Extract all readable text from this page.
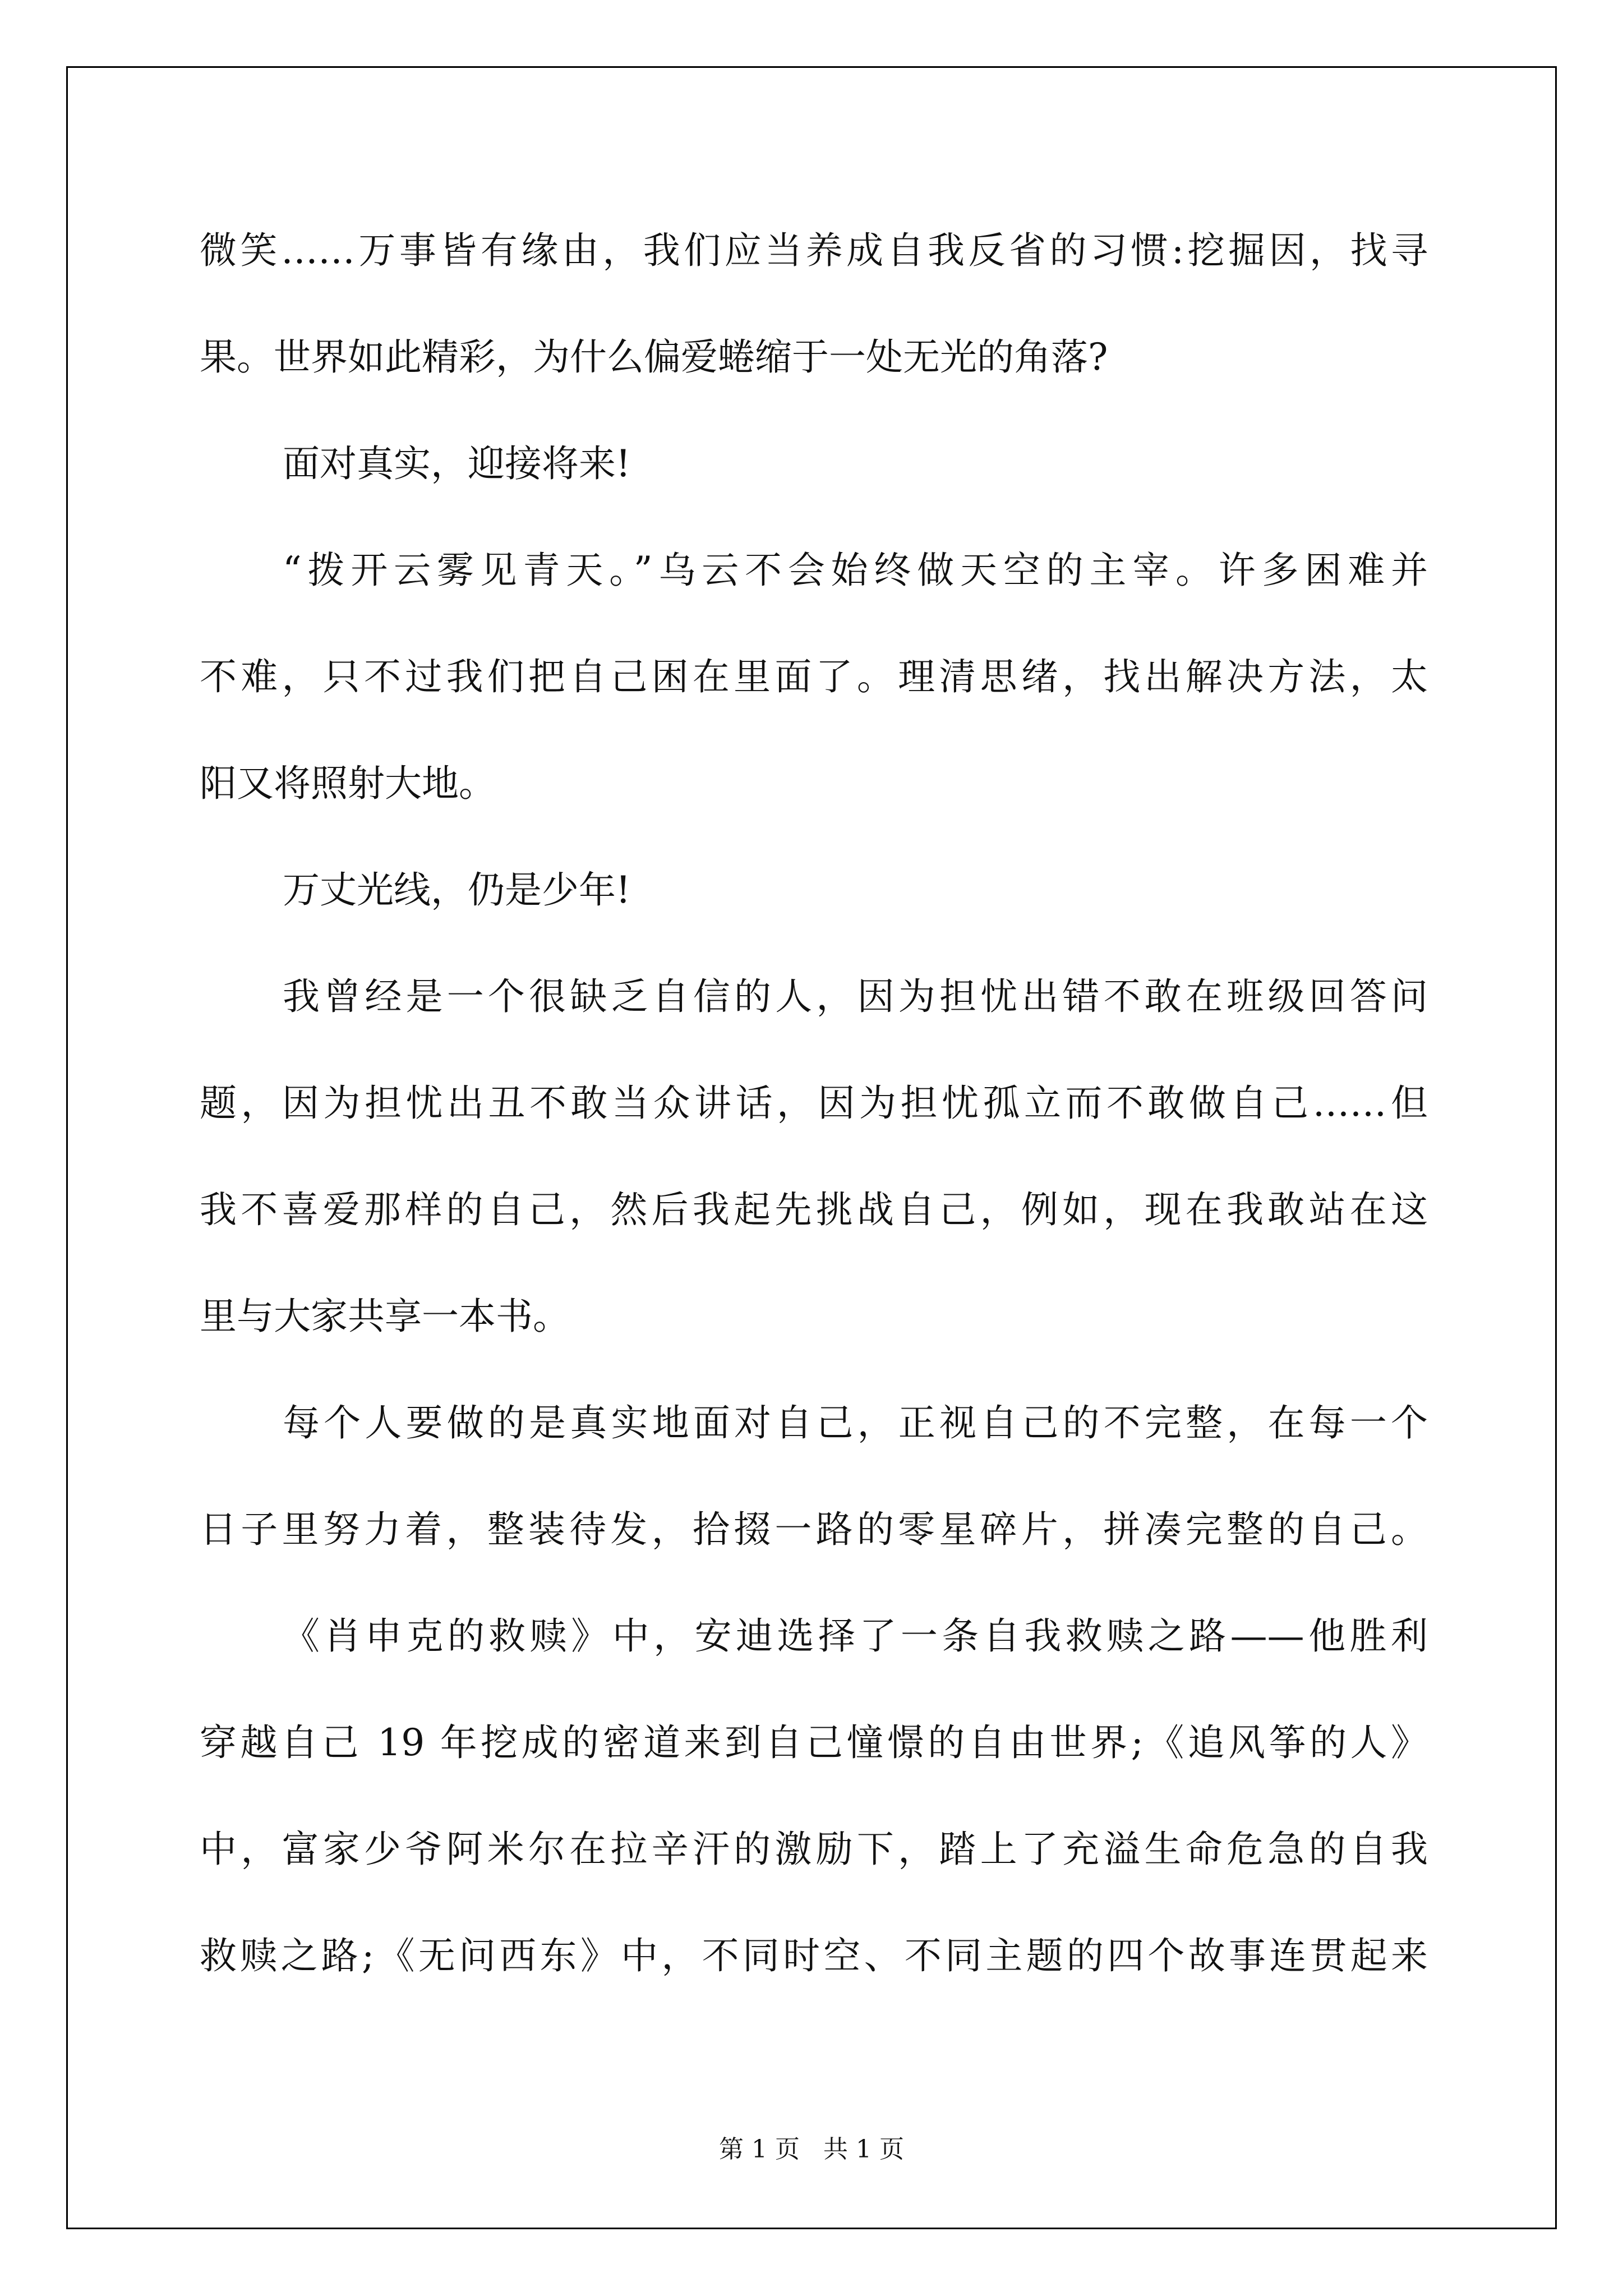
微笑……万事皆有缘由，我们应当养成自我反省的习惯:挖掘因，找寻
果。世界如此精彩，为什么偏爱蜷缩于一处无光的角落?
面对真实，迎接将来!
“拨开云雾见青天。”乌云不会始终做天空的主宰。许多困难并
不难，只不过我们把自己困在里面了。理清思绪，找出解决方法，太
阳又将照射大地。
万丈光线，仍是少年!
我曾经是一个很缺乏自信的人，因为担忧出错不敢在班级回答问
题，因为担忧出丑不敢当众讲话，因为担忧孤立而不敢做自己……但
我不喜爱那样的自己，然后我起先挑战自己，例如，现在我敢站在这
里与大家共享一本书。
每个人要做的是真实地面对自己，正视自己的不完整，在每一个
日子里努力着，整装待发，拾掇一路的零星碎片，拼凑完整的自己。
《肖申克的救赎》中，安迪选择了一条自我救赎之路——他胜利
穿越自己 19 年挖成的密道来到自己憧憬的自由世界;《追风筝的人》
中，富家少爷阿米尔在拉辛汗的激励下，踏上了充溢生命危急的自我
救赎之路;《无问西东》中，不同时空、不同主题的四个故事连贯起来
第 1 页 共 1 页
